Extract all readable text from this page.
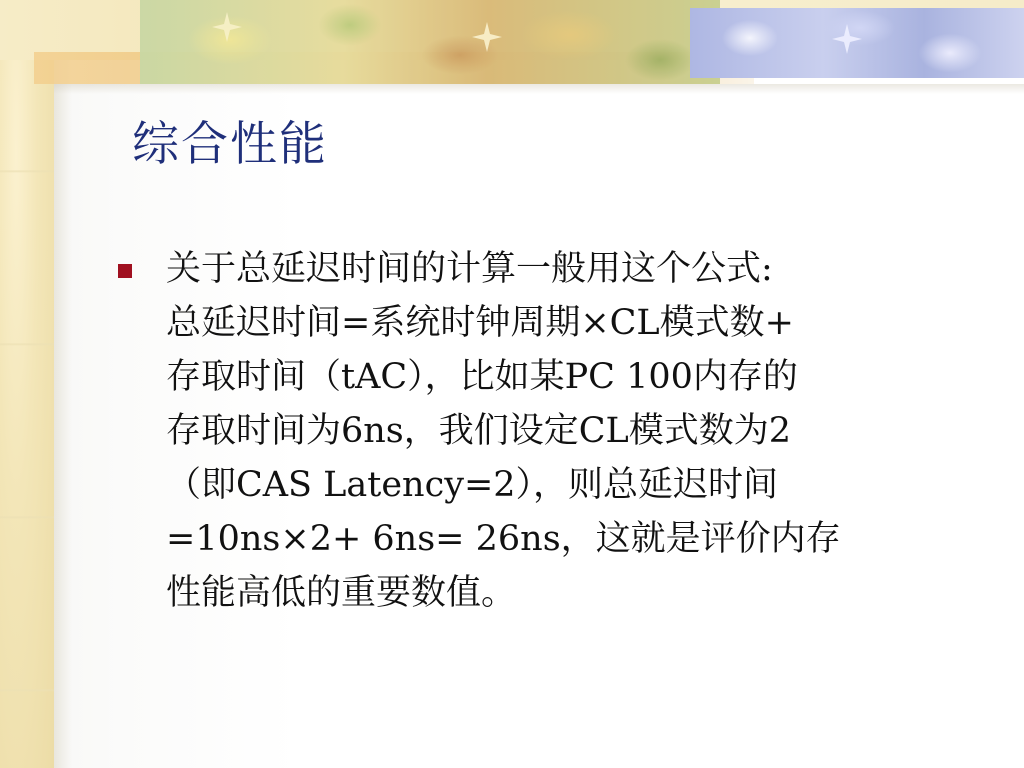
综合性能
关于总延迟时间的计算一般用这个公式:
总延迟时间=系统时钟周期×CL模式数+
存取时间（tAC），比如某PC 100内存的
存取时间为6ns，我们设定CL模式数为2
（即CAS Latency=2），则总延迟时间
=10ns×2+ 6ns= 26ns，这就是评价内存
性能高低的重要数值。
